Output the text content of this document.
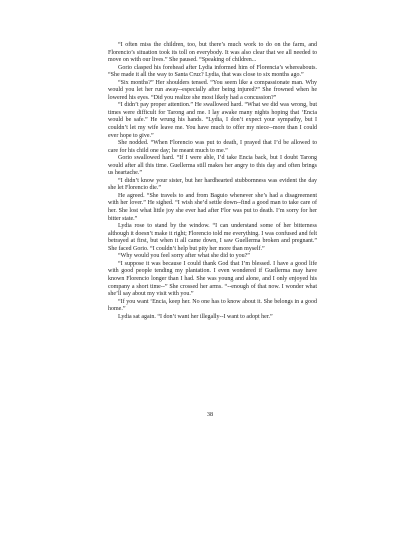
“I often miss the children, too, but there’s much work to do on the farm, and Florencio’s situation took its toll on everybody. It was also clear that we all needed to move on with our lives.” She paused. “Speaking of children...

Gorio clasped his forehead after Lydia informed him of Florencia’s whereabouts. “She made it all the way to Santa Cruz? Lydia, that was close to six months ago.”

“Six months?” Her shoulders tensed. “You seem like a compassionate man. Why would you let her run away--especially after being injured?” She frowned when he lowered his eyes. “Did you realize she most likely had a concussion?”

“I didn’t pay proper attention.” He swallowed hard. “What we did was wrong, but times were difficult for Tarong and me. I lay awake many nights hoping that ‘Encia would be safe.” He wrung his hands. “Lydia, I don’t expect your sympathy, but I couldn’t let my wife leave me. You have much to offer my niece--more than I could ever hope to give.”

She nodded. “When Florencio was put to death, I prayed that I’d be allowed to care for his child one day; he meant much to me.”

Gorio swallowed hard. “If I were able, I’d take Encia back, but I doubt Tarong would after all this time. Guellerma still makes her angry to this day and often brings us heartache.”

“I didn’t know your sister, but her hardhearted stubbornness was evident the day she let Florencio die.”

He agreed. “She travels to and from Baguio whenever she’s had a disagreement with her lover.” He sighed. “I wish she’d settle down--find a good man to take care of her. She lost what little joy she ever had after Flor was put to death. I’m sorry for her bitter state.”

Lydia rose to stand by the window. “I can understand some of her bitterness although it doesn’t make it right; Florencio told me everything. I was confused and felt betrayed at first, but when it all came down, I saw Guellerma broken and pregnant.” She faced Gorio. “I couldn’t help but pity her more than myself.”

“Why would you feel sorry after what she did to you?”

“I suppose it was because I could thank God that I’m blessed. I have a good life with good people tending my plantation. I even wondered if Guellerma may have known Florencio longer than I had. She was young and alone, and I only enjoyed his company a short time--” She crossed her arms. “--enough of that now. I wonder what she’ll say about my visit with you.”

“If you want ‘Encia, keep her. No one has to know about it. She belongs in a good home.”

Lydia sat again. “I don’t want her illegally--I want to adopt her.”

38
